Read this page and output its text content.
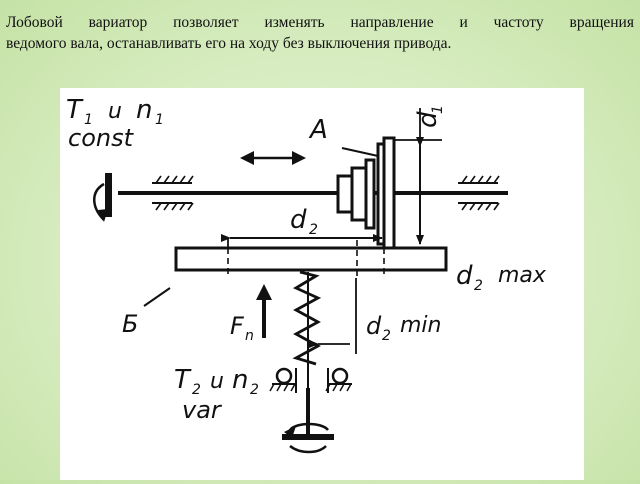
Лобовой вариатор позволяет изменять направление и частоту вращения
ведомого вала, останавливать его на ходу без выключения привода.
T 1 u n 1
const	A	d
1
d 2
Б
d 2 max
F n	d 2 min
T 2 u n 2
var
